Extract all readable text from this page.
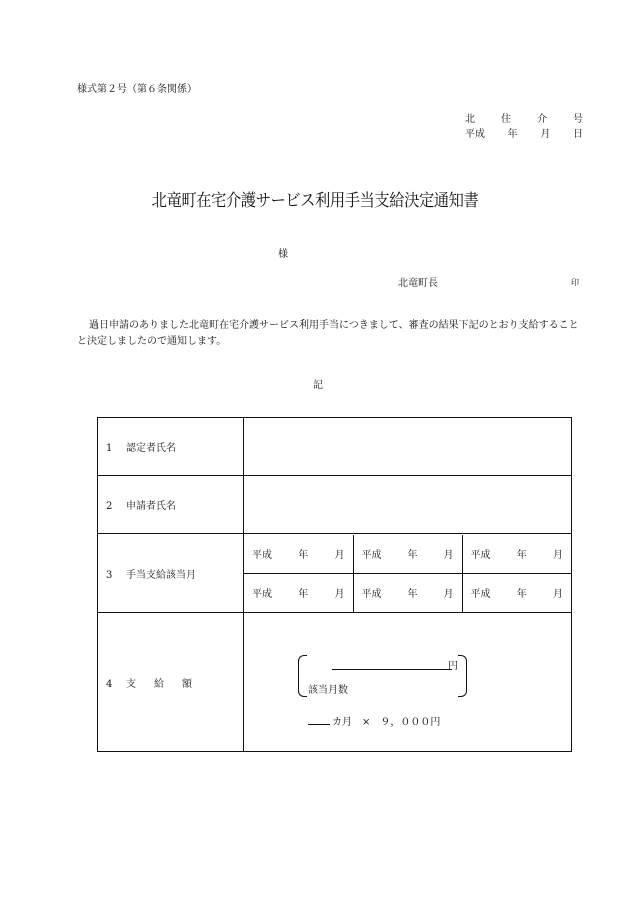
様式第２号（第６条関係）
北	住	介	号
平成 年 月 日
北竜町在宅介護サービス利用手当支給決定通知書
様
北竜町長	印
過日申請のありました北竜町在宅介護サービス利用手当につきまして、審査の結果下記のとおり支給することと決定しましたので通知します。
記
1 認定者氏名	
2 申請者氏名	
3 手当支給該当月	
平成	年	月	平成	年	月	平成	年	月

平成	年	月	平成	年	月	平成	年	月

4 支給額	
円
該当月数
カ月　×　９，０００円
